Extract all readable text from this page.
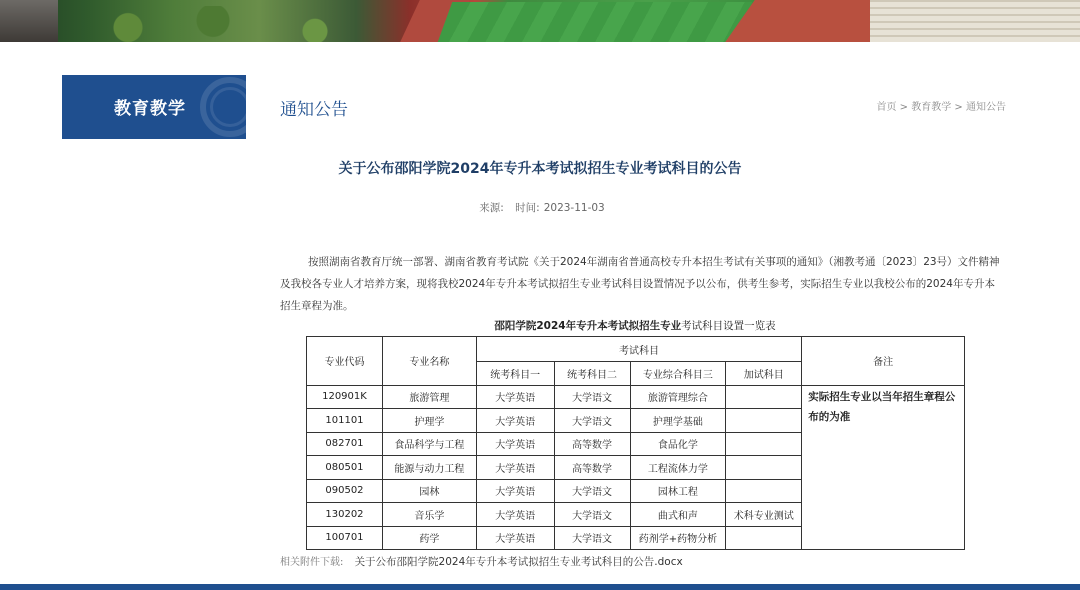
教育教学	通知公告	首页 > 教育教学 > 通知公告
关于公布邵阳学院2024年专升本考试拟招生专业考试科目的公告
来源: 时间: 2023-11-03

按照湖南省教育厅统一部署、湖南省教育考试院《关于2024年湖南省普通高校专升本招生考试有关事项的通知》（湘教考通〔2023〕23号）文件精神及我校各专业人才培养方案，现将我校2024年专升本考试拟招生专业考试科目设置情况予以公布，供考生参考，实际招生专业以我校公布的2024年专升本招生章程为准。

邵阳学院2024年专升本考试拟招生专业考试科目设置一览表
专业代码	专业名称	考试科目				备注
		统考科目一	统考科目二	专业综合科目三	加试科目	
120901K	旅游管理	大学英语	大学语文	旅游管理综合		实际招生专业以当年招生章程公布的为准
101101	护理学	大学英语	大学语文	护理学基础		
082701	食品科学与工程	大学英语	高等数学	食品化学		
080501	能源与动力工程	大学英语	高等数学	工程流体力学		
090502	园林	大学英语	大学语文	园林工程		
130202	音乐学	大学英语	大学语文	曲式和声	术科专业测试	
100701	药学	大学英语	大学语文	药剂学+药物分析		
相关附件下载: 关于公布邵阳学院2024年专升本考试拟招生专业考试科目的公告.docx
